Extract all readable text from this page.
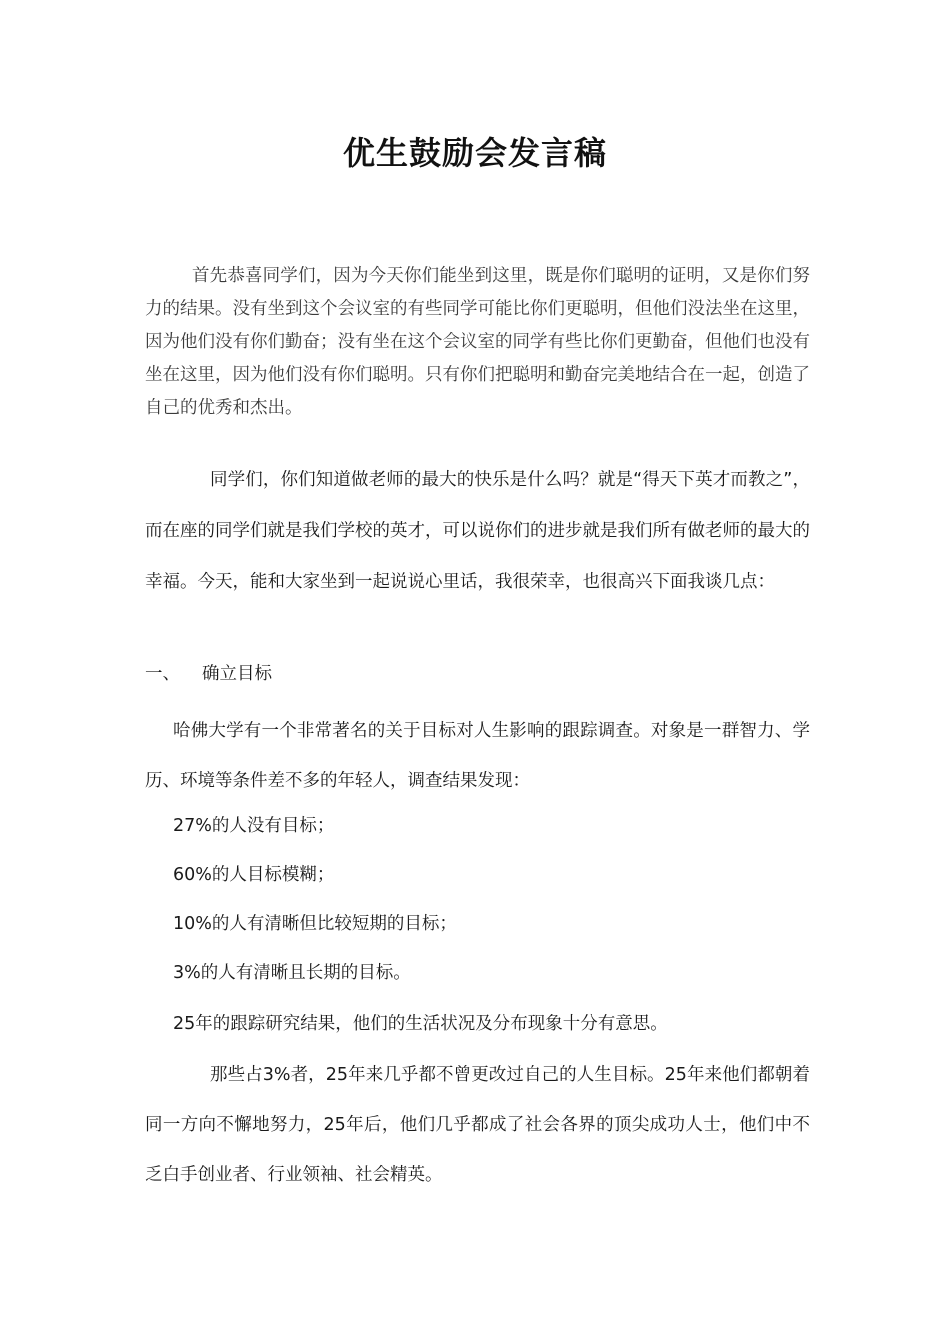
优生鼓励会发言稿
首先恭喜同学们，因为今天你们能坐到这里，既是你们聪明的证明，又是你们努力的结果。没有坐到这个会议室的有些同学可能比你们更聪明，但他们没法坐在这里，因为他们没有你们勤奋；没有坐在这个会议室的同学有些比你们更勤奋，但他们也没有坐在这里，因为他们没有你们聪明。只有你们把聪明和勤奋完美地结合在一起，创造了自己的优秀和杰出。
同学们，你们知道做老师的最大的快乐是什么吗？就是“得天下英才而教之”，而在座的同学们就是我们学校的英才，可以说你们的进步就是我们所有做老师的最大的幸福。今天，能和大家坐到一起说说心里话，我很荣幸，也很高兴下面我谈几点：
一、 确立目标
哈佛大学有一个非常著名的关于目标对人生影响的跟踪调查。对象是一群智力、学历、环境等条件差不多的年轻人，调查结果发现：
27%的人没有目标；
60%的人目标模糊；
10%的人有清晰但比较短期的目标；
3%的人有清晰且长期的目标。
25年的跟踪研究结果，他们的生活状况及分布现象十分有意思。
那些占3%者，25年来几乎都不曾更改过自己的人生目标。25年来他们都朝着同一方向不懈地努力，25年后，他们几乎都成了社会各界的顶尖成功人士，他们中不乏白手创业者、行业领袖、社会精英。
